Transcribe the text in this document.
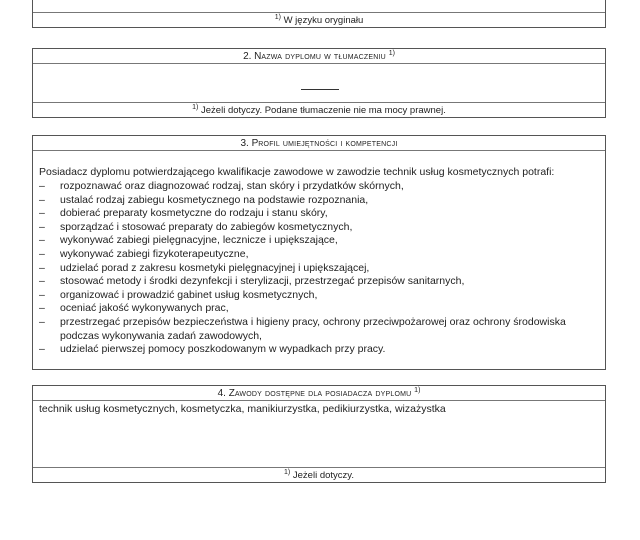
$^{1)}$ W języku oryginału
2. Nazwa dyplomu w tłumaczeniu $^{1)}$
$^{1)}$ Jeżeli dotyczy. Podane tłumaczenie nie ma mocy prawnej.
3. Profil umiejętności i kompetencji
Posiadacz dyplomu potwierdzającego kwalifikacje zawodowe w zawodzie technik usług kosmetycznych potrafi:
– rozpoznawać oraz diagnozować rodzaj, stan skóry i przydatków skórnych,
– ustalać rodzaj zabiegu kosmetycznego na podstawie rozpoznania,
– dobierać preparaty kosmetyczne do rodzaju i stanu skóry,
– sporządzać i stosować preparaty do zabiegów kosmetycznych,
– wykonywać zabiegi pielęgnacyjne, lecznicze i upiększające,
– wykonywać zabiegi fizykoterapeutyczne,
– udzielać porad z zakresu kosmetyki pielęgnacyjnej i upiększającej,
– stosować metody i środki dezynfekcji i sterylizacji, przestrzegać przepisów sanitarnych,
– organizować i prowadzić gabinet usług kosmetycznych,
– oceniać jakość wykonywanych prac,
– przestrzegać przepisów bezpieczeństwa i higieny pracy, ochrony przeciwpożarowej oraz ochrony środowiska podczas wykonywania zadań zawodowych,
– udzielać pierwszej pomocy poszkodowanym w wypadkach przy pracy.
4. Zawody dostępne dla posiadacza dyplomu $^{1)}$
technik usług kosmetycznych, kosmetyczka, manikiurzystka, pedikiurzystka, wizażystka
$^{1)}$ Jeżeli dotyczy.
